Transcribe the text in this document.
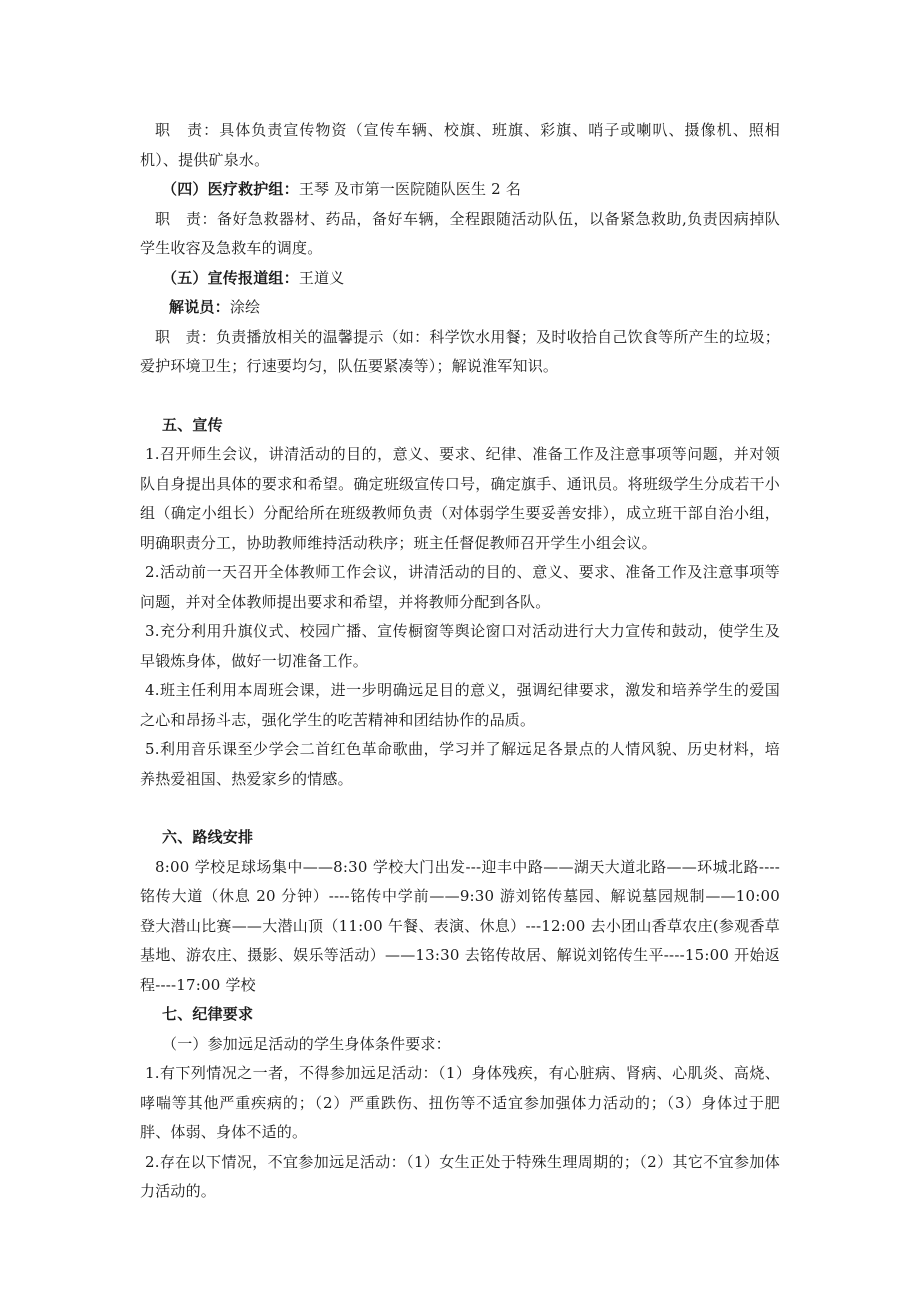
职　责：具体负责宣传物资（宣传车辆、校旗、班旗、彩旗、哨子或喇叭、摄像机、照相机）、提供矿泉水。

（四）医疗救护组：王琴 及市第一医院随队医生 2 名

职　责：备好急救器材、药品，备好车辆，全程跟随活动队伍，以备紧急救助,负责因病掉队学生收容及急救车的调度。

（五）宣传报道组：王道义

解说员：涂绘

职　责：负责播放相关的温馨提示（如：科学饮水用餐；及时收拾自己饮食等所产生的垃圾；爱护环境卫生；行速要均匀，队伍要紧凑等）；解说淮军知识。

五、宣传

1.召开师生会议，讲清活动的目的，意义、要求、纪律、准备工作及注意事项等问题，并对领队自身提出具体的要求和希望。确定班级宣传口号，确定旗手、通讯员。将班级学生分成若干小组（确定小组长）分配给所在班级教师负责（对体弱学生要妥善安排），成立班干部自治小组，明确职责分工，协助教师维持活动秩序；班主任督促教师召开学生小组会议。

2.活动前一天召开全体教师工作会议，讲清活动的目的、意义、要求、准备工作及注意事项等问题，并对全体教师提出要求和希望，并将教师分配到各队。

3.充分利用升旗仪式、校园广播、宣传橱窗等舆论窗口对活动进行大力宣传和鼓动，使学生及早锻炼身体，做好一切准备工作。

4.班主任利用本周班会课，进一步明确远足目的意义，强调纪律要求，激发和培养学生的爱国之心和昂扬斗志，强化学生的吃苦精神和团结协作的品质。

5.利用音乐课至少学会二首红色革命歌曲，学习并了解远足各景点的人情风貌、历史材料，培养热爱祖国、热爱家乡的情感。

六、路线安排

8:00 学校足球场集中——8:30 学校大门出发---迎丰中路——湖天大道北路——环城北路----铭传大道（休息 20 分钟）----铭传中学前——9:30 游刘铭传墓园、解说墓园规制——10:00 登大潜山比赛——大潜山顶（11:00 午餐、表演、休息）---12:00 去小团山香草农庄(参观香草基地、游农庄、摄影、娱乐等活动）——13:30 去铭传故居、解说刘铭传生平----15:00 开始返程----17:00 学校

七、纪律要求

（一）参加远足活动的学生身体条件要求：

1.有下列情况之一者，不得参加远足活动：（1）身体残疾，有心脏病、肾病、心肌炎、高烧、哮喘等其他严重疾病的；（2）严重跌伤、扭伤等不适宜参加强体力活动的；（3）身体过于肥胖、体弱、身体不适的。

2.存在以下情况，不宜参加远足活动：（1）女生正处于特殊生理周期的；（2）其它不宜参加体力活动的。
